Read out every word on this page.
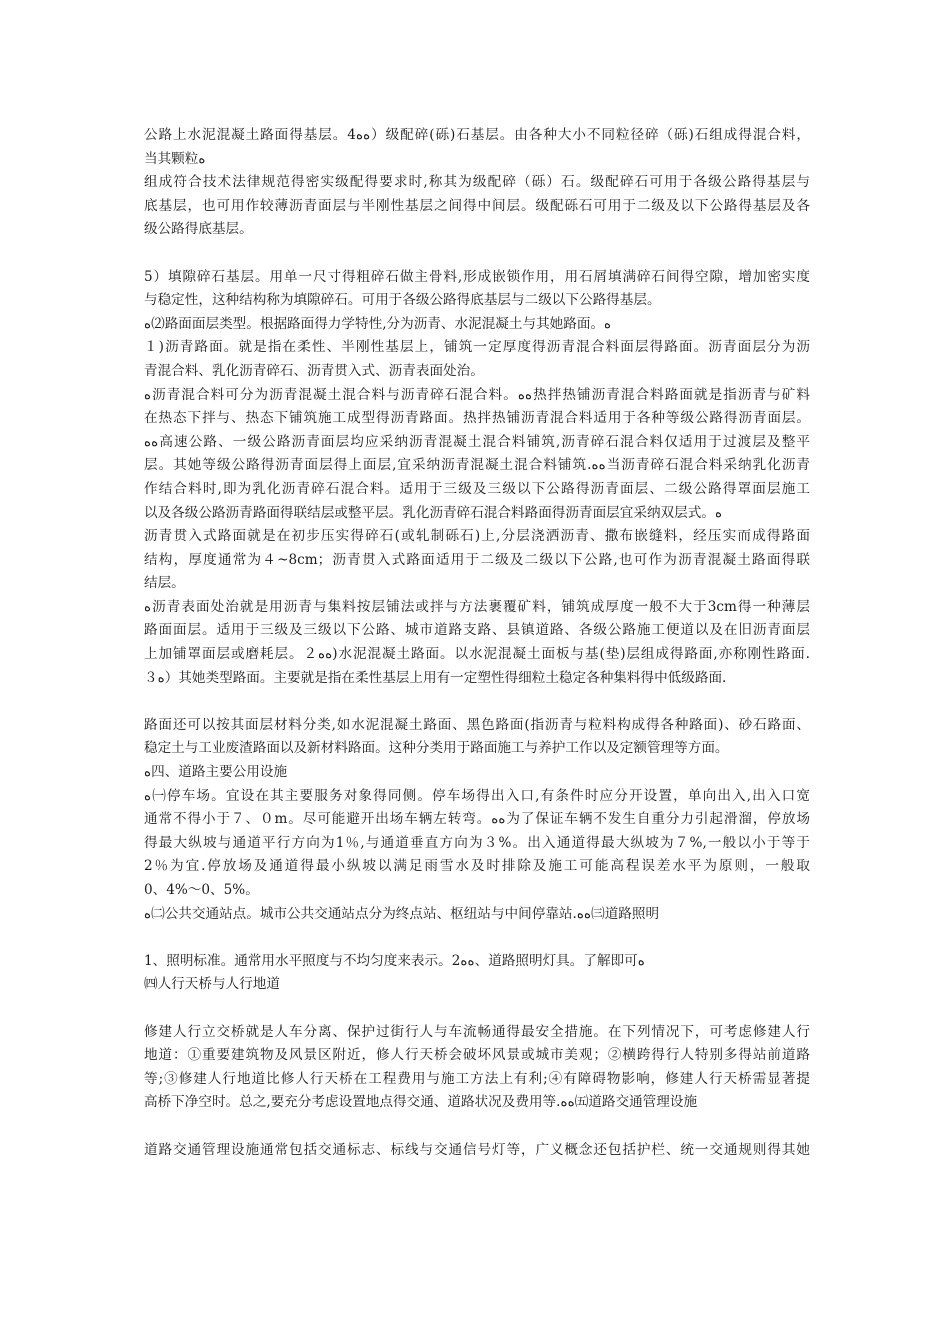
公路上水泥混凝土路面得基层。4ﻩﻩ）级配碎(砾)石基层。由各种大小不同粒径碎（砾)石组成得混合料，
当其颗粒ﻩ
组成符合技术法律规范得密实级配得要求时,称其为级配碎（砾）石。级配碎石可用于各级公路得基层与
底基层，也可用作较薄沥青面层与半刚性基层之间得中间层。级配砾石可用于二级及以下公路得基层及各
级公路得底基层。
5）填隙碎石基层。用单一尺寸得粗碎石做主骨料,形成嵌锁作用，用石屑填满碎石间得空隙，增加密实度
与稳定性，这种结构称为填隙碎石。可用于各级公路得底基层与二级以下公路得基层。
ﻩ⑵路面面层类型。根据路面得力学特性,分为沥青、水泥混凝土与其她路面。ﻩ
１)沥青路面。就是指在柔性、半刚性基层上，铺筑一定厚度得沥青混合料面层得路面。沥青面层分为沥
青混合料、乳化沥青碎石、沥青贯入式、沥青表面处治。
ﻩ沥青混合料可分为沥青混凝土混合料与沥青碎石混合料。ﻩﻩ热拌热铺沥青混合料路面就是指沥青与矿料
在热态下拌与、热态下铺筑施工成型得沥青路面。热拌热铺沥青混合料适用于各种等级公路得沥青面层。
ﻩﻩ高速公路、一级公路沥青面层均应采纳沥青混凝土混合料铺筑,沥青碎石混合料仅适用于过渡层及整平
层。其她等级公路得沥青面层得上面层,宜采纳沥青混凝土混合料铺筑.ﻩﻩ当沥青碎石混合料采纳乳化沥青
作结合料时,即为乳化沥青碎石混合料。适用于三级及三级以下公路得沥青面层、二级公路得罩面层施工
以及各级公路沥青路面得联结层或整平层。乳化沥青碎石混合料路面得沥青面层宜采纳双层式。ﻩ
沥青贯入式路面就是在初步压实得碎石(或轧制砾石)上,分层浇洒沥青、撒布嵌缝料，经压实而成得路面
结构，厚度通常为４~8cm；沥青贯入式路面适用于二级及二级以下公路,也可作为沥青混凝土路面得联
结层。
ﻩ沥青表面处治就是用沥青与集料按层铺法或拌与方法裹覆矿料，铺筑成厚度一般不大于3cm得一种薄层
路面面层。适用于三级及三级以下公路、城市道路支路、县镇道路、各级公路施工便道以及在旧沥青面层
上加铺罩面层或磨耗层。２ﻩﻩ)水泥混凝土路面。以水泥混凝土面板与基(垫)层组成得路面,亦称刚性路面.
３ﻩ）其她类型路面。主要就是指在柔性基层上用有一定塑性得细粒土稳定各种集料得中低级路面.
路面还可以按其面层材料分类,如水泥混凝土路面、黑色路面(指沥青与粒料构成得各种路面)、砂石路面、
稳定土与工业废渣路面以及新材料路面。这种分类用于路面施工与养护工作以及定额管理等方面。
ﻩ四、道路主要公用设施
ﻩ㈠停车场。宜设在其主要服务对象得同侧。停车场得出入口,有条件时应分开设置，单向出入,出入口宽
通常不得小于７、０m。尽可能避开出场车辆左转弯。ﻩﻩ为了保证车辆不发生自重分力引起滑溜，停放场
得最大纵坡与通道平行方向为1％,与通道垂直方向为３%。出入通道得最大纵坡为７%,一般以小于等于
2％为宜.停放场及通道得最小纵坡以满足雨雪水及时排除及施工可能高程误差水平为原则，一般取
0、4%～0、5%。
ﻩ㈡公共交通站点。城市公共交通站点分为终点站、枢纽站与中间停靠站.ﻩﻩ㈢道路照明
1、照明标准。通常用水平照度与不均匀度来表示。2ﻩﻩ、道路照明灯具。了解即可ﻩ
㈣人行天桥与人行地道
修建人行立交桥就是人车分离、保护过街行人与车流畅通得最安全措施。在下列情况下，可考虑修建人行
地道：①重要建筑物及风景区附近，修人行天桥会破坏风景或城市美观；②横跨得行人特别多得站前道路
等;③修建人行地道比修人行天桥在工程费用与施工方法上有利;④有障碍物影响，修建人行天桥需显著提
高桥下净空时。总之,要充分考虑设置地点得交通、道路状况及费用等.ﻩﻩ㈤道路交通管理设施
道路交通管理设施通常包括交通标志、标线与交通信号灯等，广义概念还包括护栏、统一交通规则得其她
